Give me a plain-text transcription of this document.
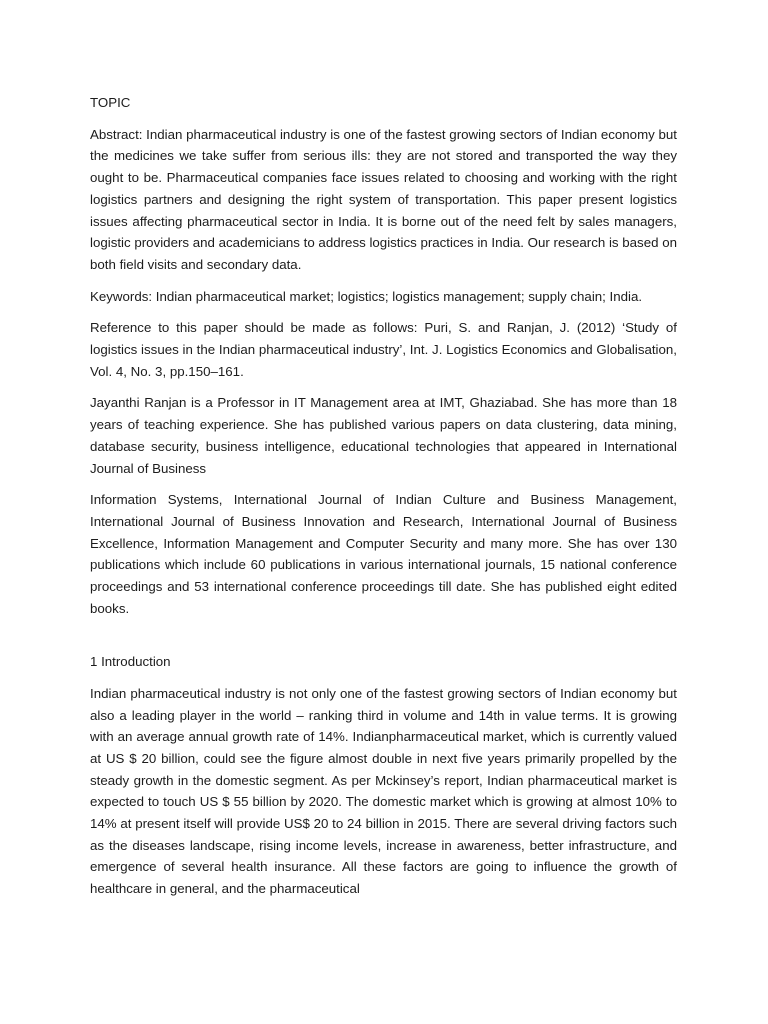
TOPIC

Abstract: Indian pharmaceutical industry is one of the fastest growing sectors of Indian economy but the medicines we take suffer from serious ills: they are not stored and transported the way they ought to be. Pharmaceutical companies face issues related to choosing and working with the right logistics partners and designing the right system of transportation. This paper present logistics issues affecting pharmaceutical sector in India. It is borne out of the need felt by sales managers, logistic providers and academicians to address logistics practices in India. Our research is based on both field visits and secondary data.

Keywords: Indian pharmaceutical market; logistics; logistics management; supply chain; India.

Reference to this paper should be made as follows: Puri, S. and Ranjan, J. (2012) ‘Study of logistics issues in the Indian pharmaceutical industry’, Int. J. Logistics Economics and Globalisation, Vol. 4, No. 3, pp.150–161.

Jayanthi Ranjan is a Professor in IT Management area at IMT, Ghaziabad. She has more than 18 years of teaching experience. She has published various papers on data clustering, data mining, database security, business intelligence, educational technologies that appeared in International Journal of Business

Information Systems, International Journal of Indian Culture and Business Management, International Journal of Business Innovation and Research, International Journal of Business Excellence, Information Management and Computer Security and many more. She has over 130 publications which include 60 publications in various international journals, 15 national conference proceedings and 53 international conference proceedings till date. She has published eight edited books.

1 Introduction

Indian pharmaceutical industry is not only one of the fastest growing sectors of Indian economy but also a leading player in the world – ranking third in volume and 14th in value terms. It is growing with an average annual growth rate of 14%. Indianpharmaceutical market, which is currently valued at US $ 20 billion, could see the figure almost double in next five years primarily propelled by the steady growth in the domestic segment. As per Mckinsey’s report, Indian pharmaceutical market is expected to touch US $ 55 billion by 2020. The domestic market which is growing at almost 10% to 14% at present itself will provide US$ 20 to 24 billion in 2015. There are several driving factors such as the diseases landscape, rising income levels, increase in awareness, better infrastructure, and emergence of several health insurance. All these factors are going to influence the growth of healthcare in general, and the pharmaceutical
